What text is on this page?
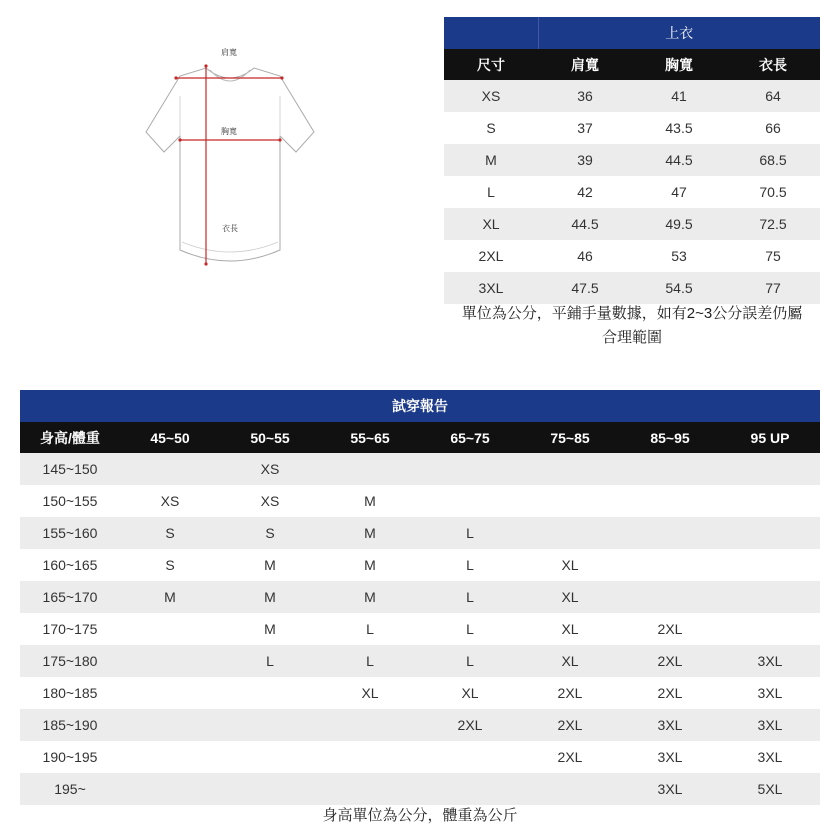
肩寬
胸寬
衣長
	上衣		
尺寸	肩寬	胸寬	衣長
XS	36	41	64
S	37	43.5	66
M	39	44.5	68.5
L	42	47	70.5
XL	44.5	49.5	72.5
2XL	46	53	75
3XL	47.5	54.5	77
單位為公分，平鋪手量數據，如有2~3公分誤差仍屬
合理範圍
試穿報告							
身高/體重	45~50	50~55	55~65	65~75	75~85	85~95	95 UP
145~150		XS					
150~155	XS	XS	M				
155~160	S	S	M	L			
160~165	S	M	M	L	XL		
165~170	M	M	M	L	XL		
170~175		M	L	L	XL	2XL	
175~180		L	L	L	XL	2XL	3XL
180~185			XL	XL	2XL	2XL	3XL
185~190				2XL	2XL	3XL	3XL
190~195					2XL	3XL	3XL
195~						3XL	5XL
身高單位為公分，體重為公斤
